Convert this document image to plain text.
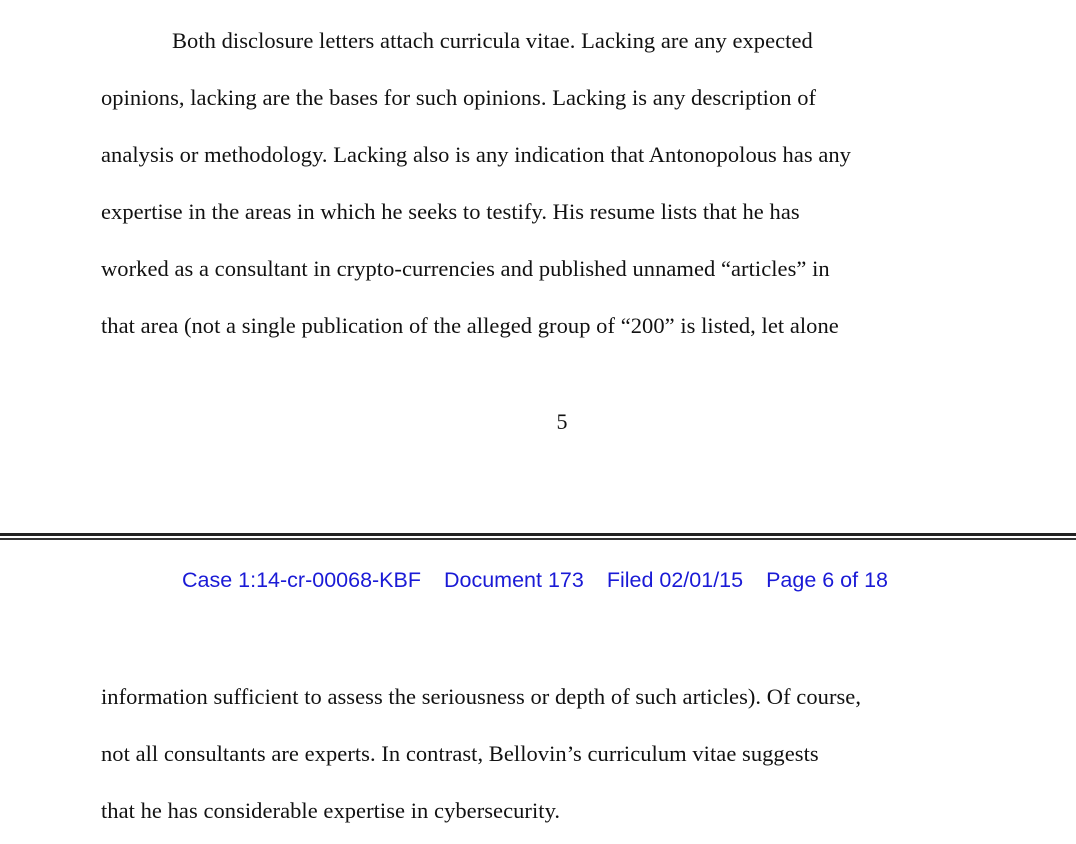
Both disclosure letters attach curricula vitae. Lacking are any expected
opinions, lacking are the bases for such opinions. Lacking is any description of
analysis or methodology. Lacking also is any indication that Antonopolous has any
expertise in the areas in which he seeks to testify. His resume lists that he has
worked as a consultant in crypto-currencies and published unnamed “articles” in
that area (not a single publication of the alleged group of “200” is listed, let alone
5
Case 1:14-cr-00068-KBF Document 173 Filed 02/01/15 Page 6 of 18
information sufficient to assess the seriousness or depth of such articles). Of course,
not all consultants are experts. In contrast, Bellovin’s curriculum vitae suggests
that he has considerable expertise in cybersecurity.
